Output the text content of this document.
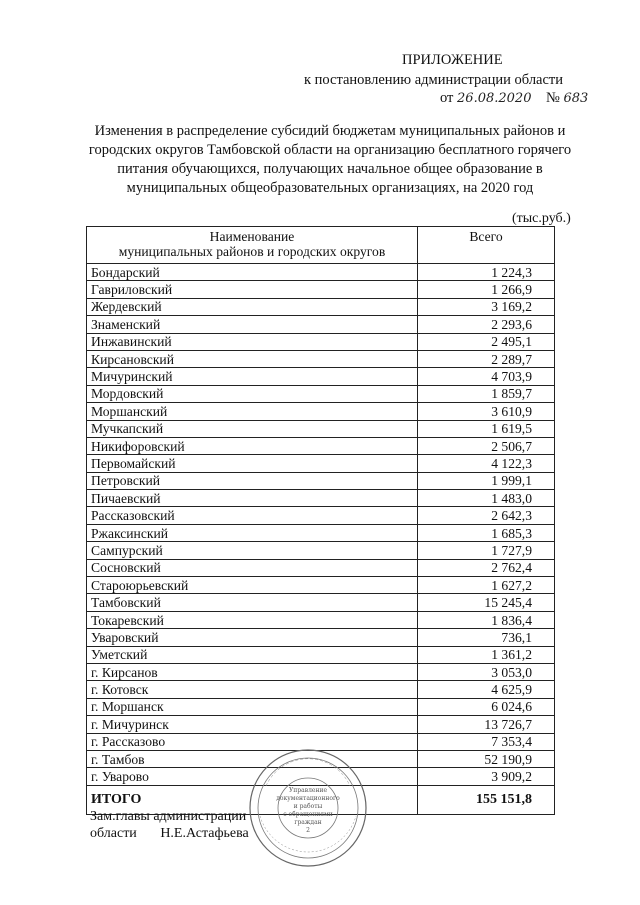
ПРИЛОЖЕНИЕ
к постановлению администрации области
от 26.08.2020 № 683
Изменения в распределение субсидий бюджетам муниципальных районов и городских округов Тамбовской области на организацию бесплатного горячего питания обучающихся, получающих начальное общее образование в муниципальных общеобразовательных организациях, на 2020 год
(тыс.руб.)
Наименование
муниципальных районов и городских округов	Всего
Бондарский	1 224,3
Гавриловский	1 266,9
Жердевский	3 169,2
Знаменский	2 293,6
Инжавинский	2 495,1
Кирсановский	2 289,7
Мичуринский	4 703,9
Мордовский	1 859,7
Моршанский	3 610,9
Мучкапский	1 619,5
Никифоровский	2 506,7
Первомайский	4 122,3
Петровский	1 999,1
Пичаевский	1 483,0
Рассказовский	2 642,3
Ржаксинский	1 685,3
Сампурский	1 727,9
Сосновский	2 762,4
Староюрьевский	1 627,2
Тамбовский	15 245,4
Токаревский	1 836,4
Уваровский	736,1
Уметский	1 361,2
г. Кирсанов	3 053,0
г. Котовск	4 625,9
г. Моршанск	6 024,6
г. Мичуринск	13 726,7
г. Рассказово	7 353,4
г. Тамбов	52 190,9
г. Уварово	3 909,2
ИТОГО	155 151,8
Зам.главы администрации
области Н.Е.Астафьева
Управление
документационного
и работы
с обращениями
граждан
2
